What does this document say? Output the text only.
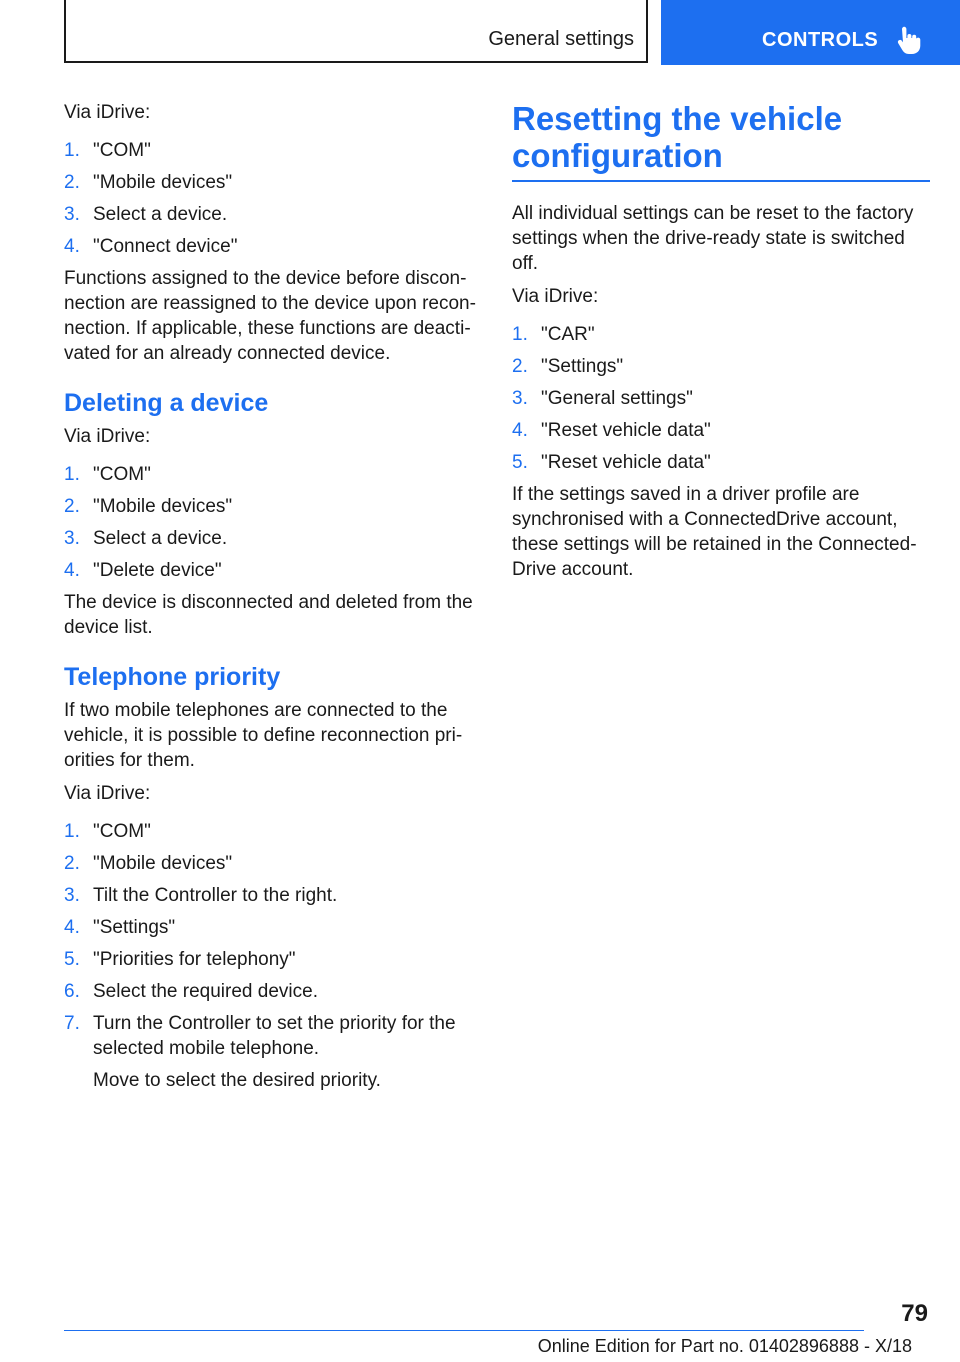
General settings	CONTROLS

Via iDrive:

1. "COM"
2. "Mobile devices"
3. Select a device.
4. "Connect device"

Functions assigned to the device before disconnection are reassigned to the device upon reconnection. If applicable, these functions are deactivated for an already connected device.

Deleting a device

Via iDrive:

1. "COM"
2. "Mobile devices"
3. Select a device.
4. "Delete device"

The device is disconnected and deleted from the device list.

Telephone priority

If two mobile telephones are connected to the vehicle, it is possible to define reconnection priorities for them.

Via iDrive:

1. "COM"
2. "Mobile devices"
3. Tilt the Controller to the right.
4. "Settings"
5. "Priorities for telephony"
6. Select the required device.
7. Turn the Controller to set the priority for the selected mobile telephone.
Move to select the desired priority.
Resetting the vehicle configuration

All individual settings can be reset to the factory settings when the drive-ready state is switched off.

Via iDrive:

1. "CAR"
2. "Settings"
3. "General settings"
4. "Reset vehicle data"
5. "Reset vehicle data"

If the settings saved in a driver profile are synchronised with a ConnectedDrive account, these settings will be retained in the ConnectedDrive account.

79
Online Edition for Part no. 01402896888 - X/18
